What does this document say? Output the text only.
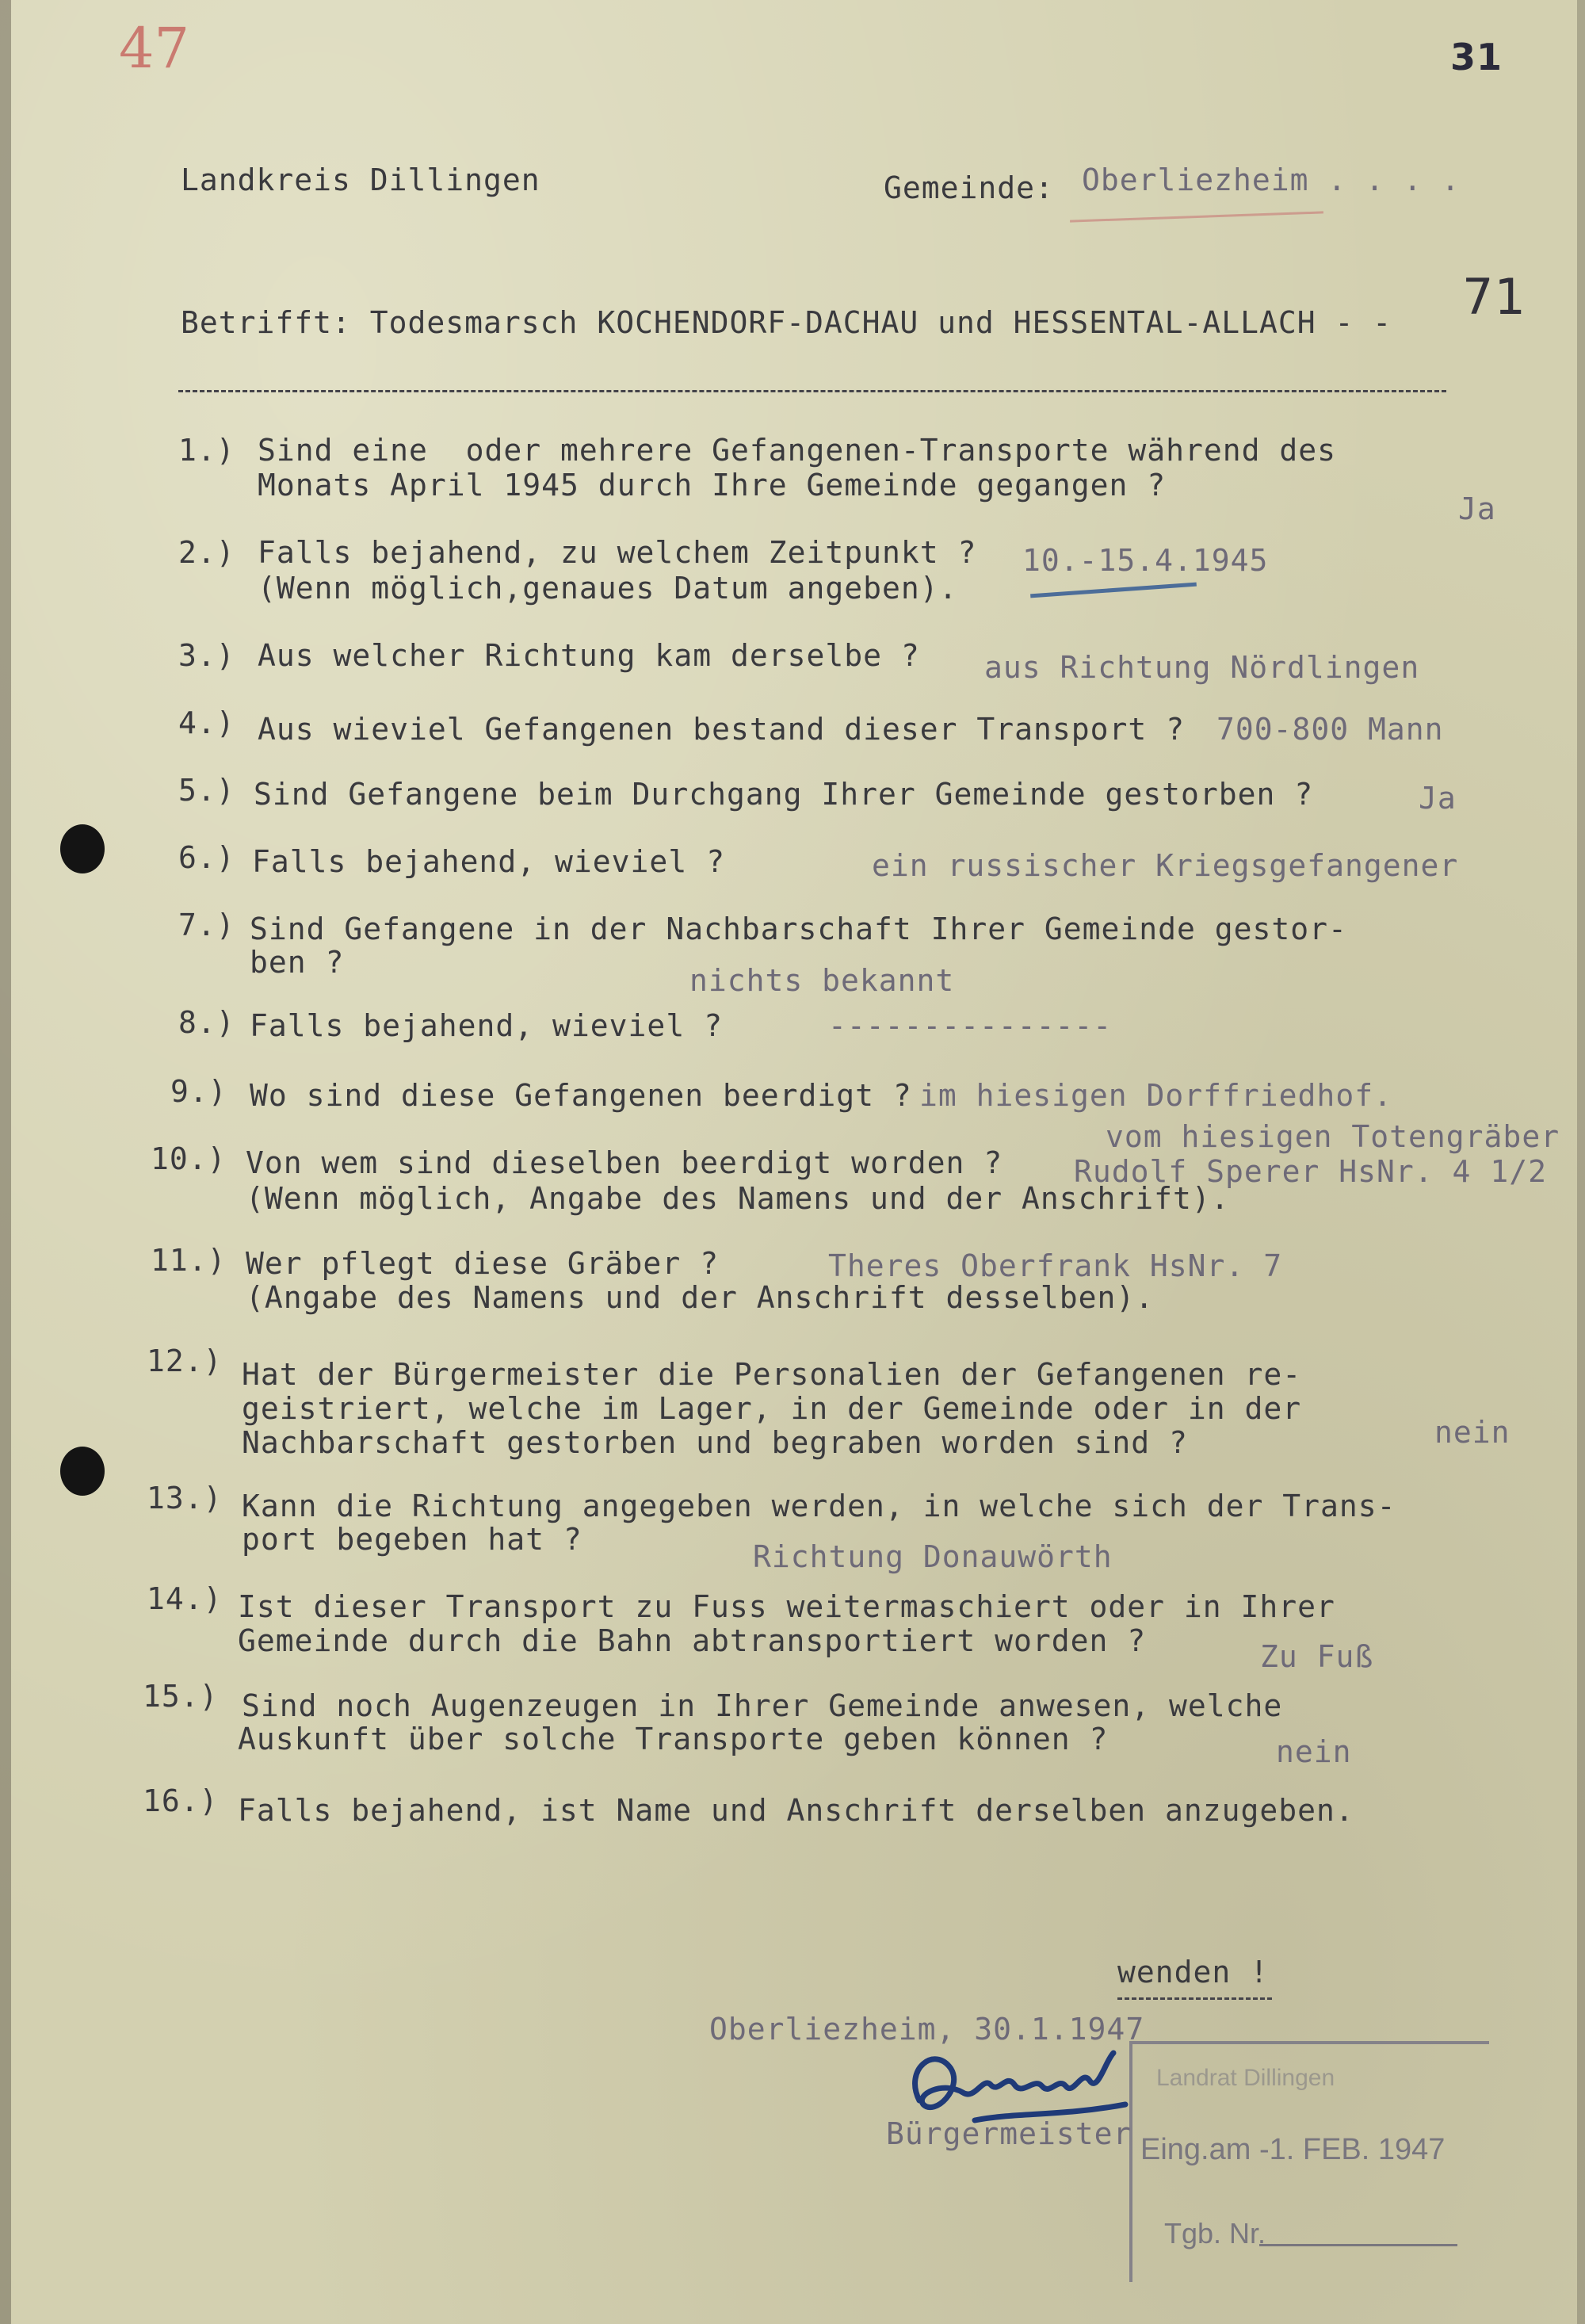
47	31
71
Landkreis Dillingen	Gemeinde: Oberliezheim . . . .
Betrifft: Todesmarsch KOCHENDORF-DACHAU und HESSENTAL-ALLACH - -
1.) Sind eine  oder mehrere Gefangenen-Transporte während des
Monats April 1945 durch Ihre Gemeinde gegangen ?
Ja
2.) Falls bejahend, zu welchem Zeitpunkt ?
(Wenn möglich,genaues Datum angeben).
10.-15.4.1945
3.) Aus welcher Richtung kam derselbe ? aus Richtung Nördlingen
4.) Aus wieviel Gefangenen bestand dieser Transport ? 700-800 Mann
5.) Sind Gefangene beim Durchgang Ihrer Gemeinde gestorben ?	Ja
6.) Falls bejahend, wieviel ?	ein russischer Kriegsgefangener
7.) Sind Gefangene in der Nachbarschaft Ihrer Gemeinde gestor-
ben ?
nichts bekannt
8.) Falls bejahend, wieviel ?	---------------
9.) Wo sind diese Gefangenen beerdigt ? im hiesigen Dorffriedhof.
10.) Von wem sind dieselben beerdigt worden ?
(Wenn möglich, Angabe des Namens und der Anschrift).
vom hiesigen Totengräber
Rudolf Sperer HsNr. 4 1/2
11.) Wer pflegt diese Gräber ?
(Angabe des Namens und der Anschrift desselben).
Theres Oberfrank HsNr. 7
12.) Hat der Bürgermeister die Personalien der Gefangenen re-
geistriert, welche im Lager, in der Gemeinde oder in der
Nachbarschaft gestorben und begraben worden sind ?	nein
13.) Kann die Richtung angegeben werden, in welche sich der Trans-
port begeben hat ?	Richtung Donauwörth
14.) Ist dieser Transport zu Fuss weitermaschiert oder in Ihrer
Gemeinde durch die Bahn abtransportiert worden ?	Zu Fuß
15.) Sind noch Augenzeugen in Ihrer Gemeinde anwesen, welche
Auskunft über solche Transporte geben können ?	nein
16.) Falls bejahend, ist Name und Anschrift derselben anzugeben.
wenden !
Oberliezheim, 30.1.1947
Bürgermeister
Landrat Dillingen
Eing.am -1. FEB. 1947
Tgb. Nr.
